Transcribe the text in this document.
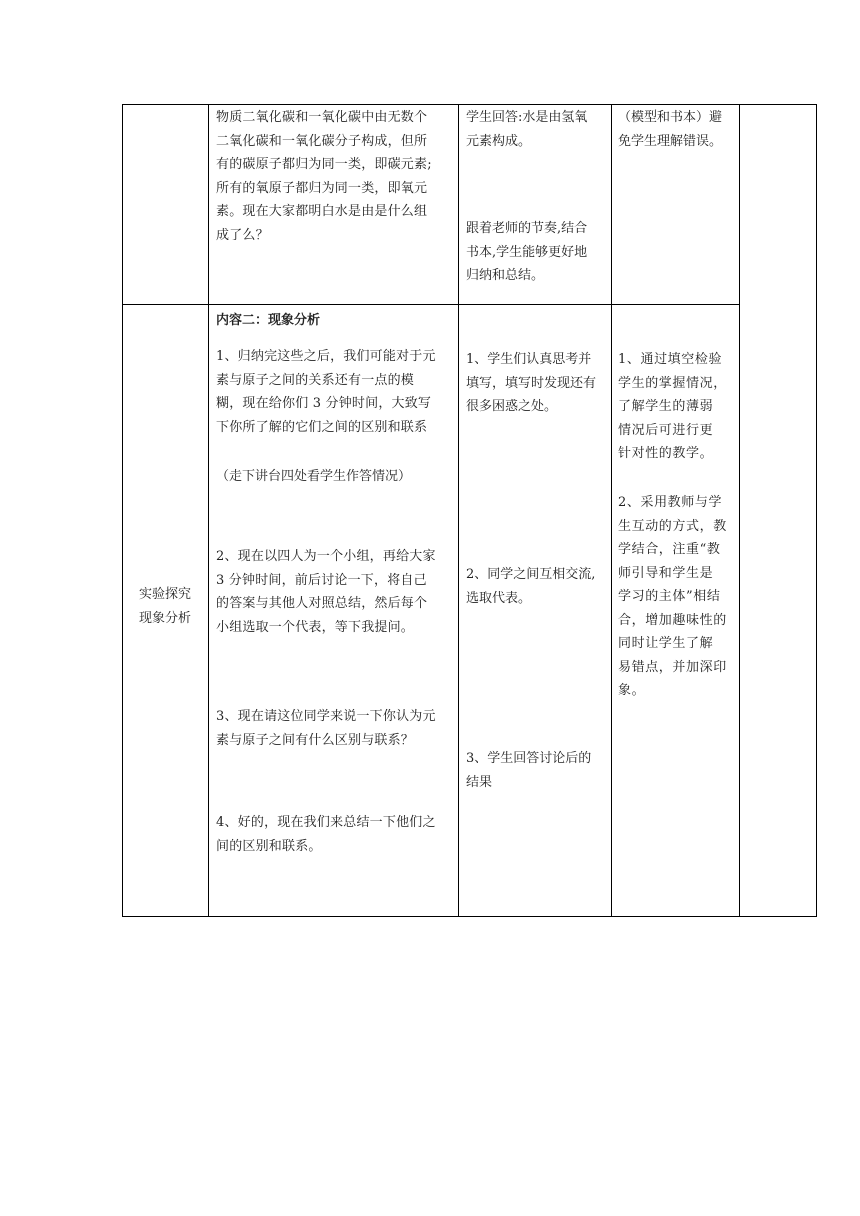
物质二氧化碳和一氧化碳中由无数个
二氧化碳和一氧化碳分子构成，但所
有的碳原子都归为同一类，即碳元素;
所有的氧原子都归为同一类，即氧元
素。现在大家都明白水是由是什么组
成了么？
学生回答:水是由氢氧
元素构成。
跟着老师的节奏,结合
书本,学生能够更好地
归纳和总结。
（模型和书本）避
免学生理解错误。
实验探究
现象分析
内容二：现象分析
1、归纳完这些之后，我们可能对于元
素与原子之间的关系还有一点的模
糊，现在给你们 3 分钟时间，大致写
下你所了解的它们之间的区别和联系
（走下讲台四处看学生作答情况）
2、现在以四人为一个小组，再给大家
3 分钟时间，前后讨论一下，将自己
的答案与其他人对照总结，然后每个
小组选取一个代表，等下我提问。
3、现在请这位同学来说一下你认为元
素与原子之间有什么区别与联系？
4、好的，现在我们来总结一下他们之
间的区别和联系。
1、学生们认真思考并
填写，填写时发现还有
很多困惑之处。
2、同学之间互相交流,
选取代表。
3、学生回答讨论后的
结果
1、通过填空检验
学生的掌握情况，
了解学生的薄弱
情况后可进行更
针对性的教学。
2、采用教师与学
生互动的方式，教
学结合，注重“教
师引导和学生是
学习的主体”相结
合，增加趣味性的
同时让学生了解
易错点，并加深印
象。
